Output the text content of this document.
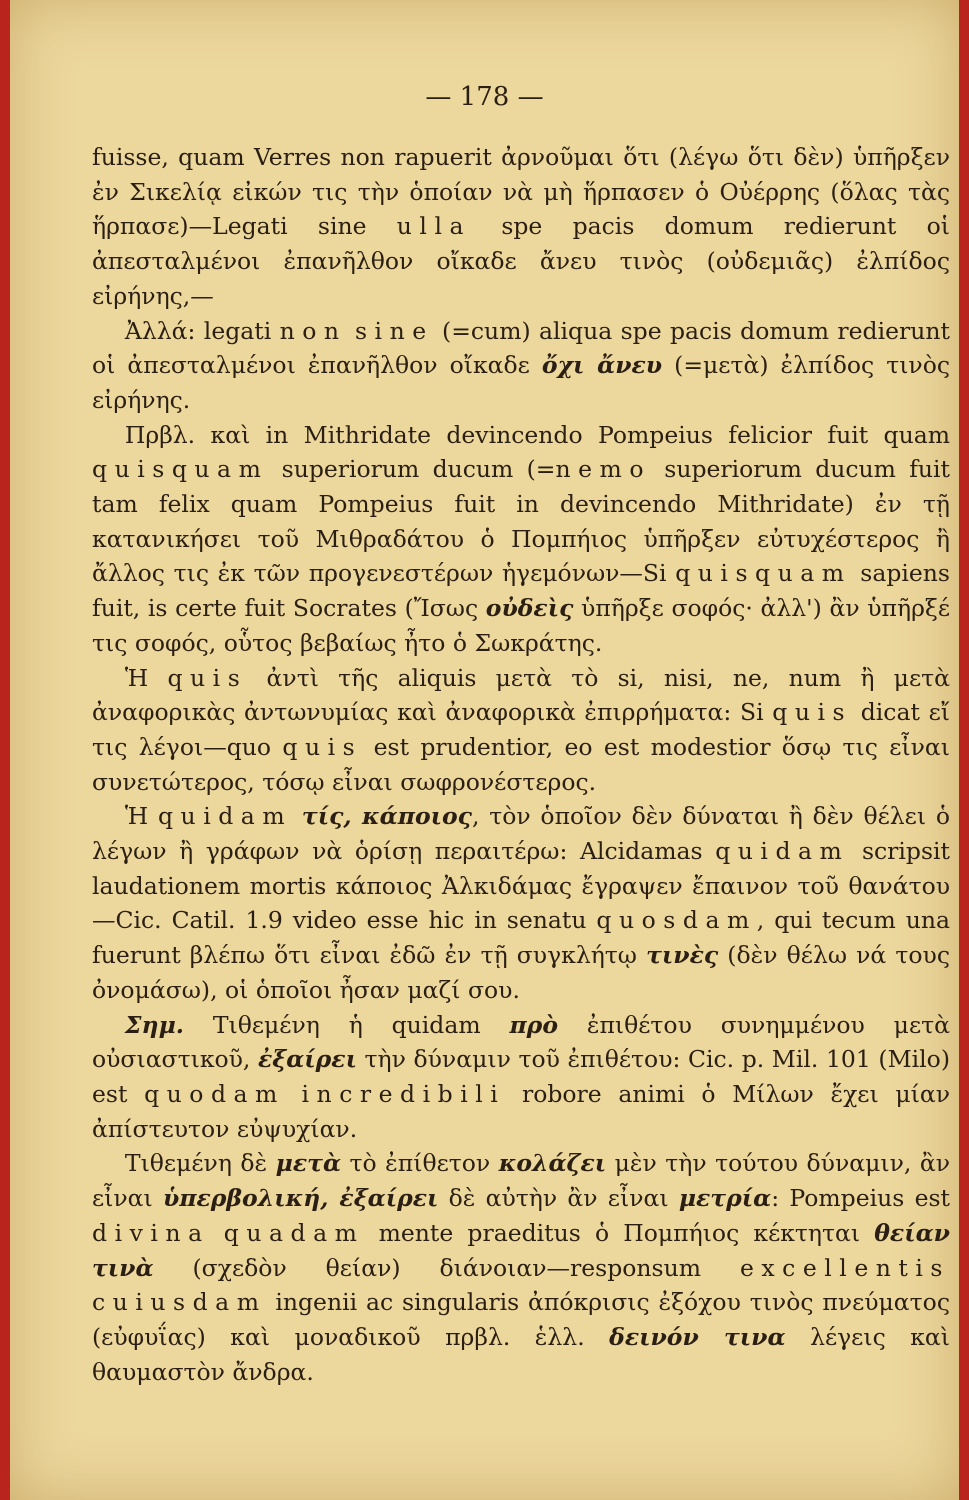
— 178 —

fuisse, quam Verres non rapuerit ἀρνοῦμαι ὅτι (λέγω ὅτι δὲν) ὑπῆρξεν ἐν Σικελίᾳ εἰκών τις τὴν ὁποίαν νὰ μὴ ἥρπασεν ὁ Οὐέρρης (ὅλας τὰς ἥρπασε)—Legati sine ulla spe pacis domum redierunt οἱ ἀπεσταλμένοι ἐπανῆλθον οἴκαδε ἄνευ τινὸς (οὐδεμιᾶς) ἐλπίδος εἰρήνης,—

Ἀλλά: legati non sine (=cum) aliqua spe pacis domum redierunt οἱ ἀπεσταλμένοι ἐπανῆλθον οἴκαδε ὄχι ἄνευ (=μετὰ) ἐλπίδος τινὸς εἰρήνης.

Πρβλ. καὶ in Mithridate devincendo Pompeius felicior fuit quam quisquam superiorum ducum (=nemo superiorum ducum fuit tam felix quam Pompeius fuit in devincendo Mithridate) ἐν τῇ κατανικήσει τοῦ Μιθραδάτου ὁ Πομπήιος ὑπῆρξεν εὐτυχέστερος ἢ ἄλλος τις ἐκ τῶν προγενεστέρων ἡγεμόνων—Si quisquam sapiens fuit, is certe fuit Socrates (Ἴσως οὐδεὶς ὑπῆρξε σοφός· ἀλλ') ἂν ὑπῆρξέ τις σοφός, οὗτος βεβαίως ἦτο ὁ Σωκράτης.

Ἡ quis ἀντὶ τῆς aliquis μετὰ τὸ si, nisi, ne, num ἢ μετὰ ἀναφορικὰς ἀντωνυμίας καὶ ἀναφορικὰ ἐπιρρήματα: Si quis dicat εἴ τις λέγοι—quo quis est prudentior, eo est modestior ὅσῳ τις εἶναι συνετώτερος, τόσῳ εἶναι σωφρονέστερος.

Ἡ quidam τίς, κάποιος, τὸν ὁποῖον δὲν δύναται ἢ δὲν θέλει ὁ λέγων ἢ γράφων νὰ ὁρίσῃ περαιτέρω: Alcidamas quidam scripsit laudationem mortis κάποιος Ἀλκιδάμας ἔγραψεν ἔπαινον τοῦ θανάτου—Cic. Catil. 1.9 video esse hic in senatu quosdam, qui tecum una fuerunt βλέπω ὅτι εἶναι ἐδῶ ἐν τῇ συγκλήτῳ τινὲς (δὲν θέλω νά τους ὀνομάσω), οἱ ὁποῖοι ἦσαν μαζί σου.

Σημ. Τιθεμένη ἡ quidam πρὸ ἐπιθέτου συνημμένου μετὰ οὐσιαστικοῦ, ἐξαίρει τὴν δύναμιν τοῦ ἐπιθέτου: Cic. p. Mil. 101 (Milo) est quodam incredibili robore animi ὁ Μίλων ἔχει μίαν ἀπίστευτον εὐψυχίαν.

Τιθεμένη δὲ μετὰ τὸ ἐπίθετον κολάζει μὲν τὴν τούτου δύναμιν, ἂν εἶναι ὑπερβολική, ἐξαίρει δὲ αὐτὴν ἂν εἶναι μετρία: Pompeius est divina quadam mente praeditus ὁ Πομπήιος κέκτηται θείαν τινὰ (σχεδὸν θείαν) διάνοιαν—responsum excellentis cuiusdam ingenii ac singularis ἀπόκρισις ἐξόχου τινὸς πνεύματος (εὐφυΐας) καὶ μοναδικοῦ πρβλ. ἑλλ. δεινόν τινα λέγεις καὶ θαυμαστὸν ἄνδρα.
